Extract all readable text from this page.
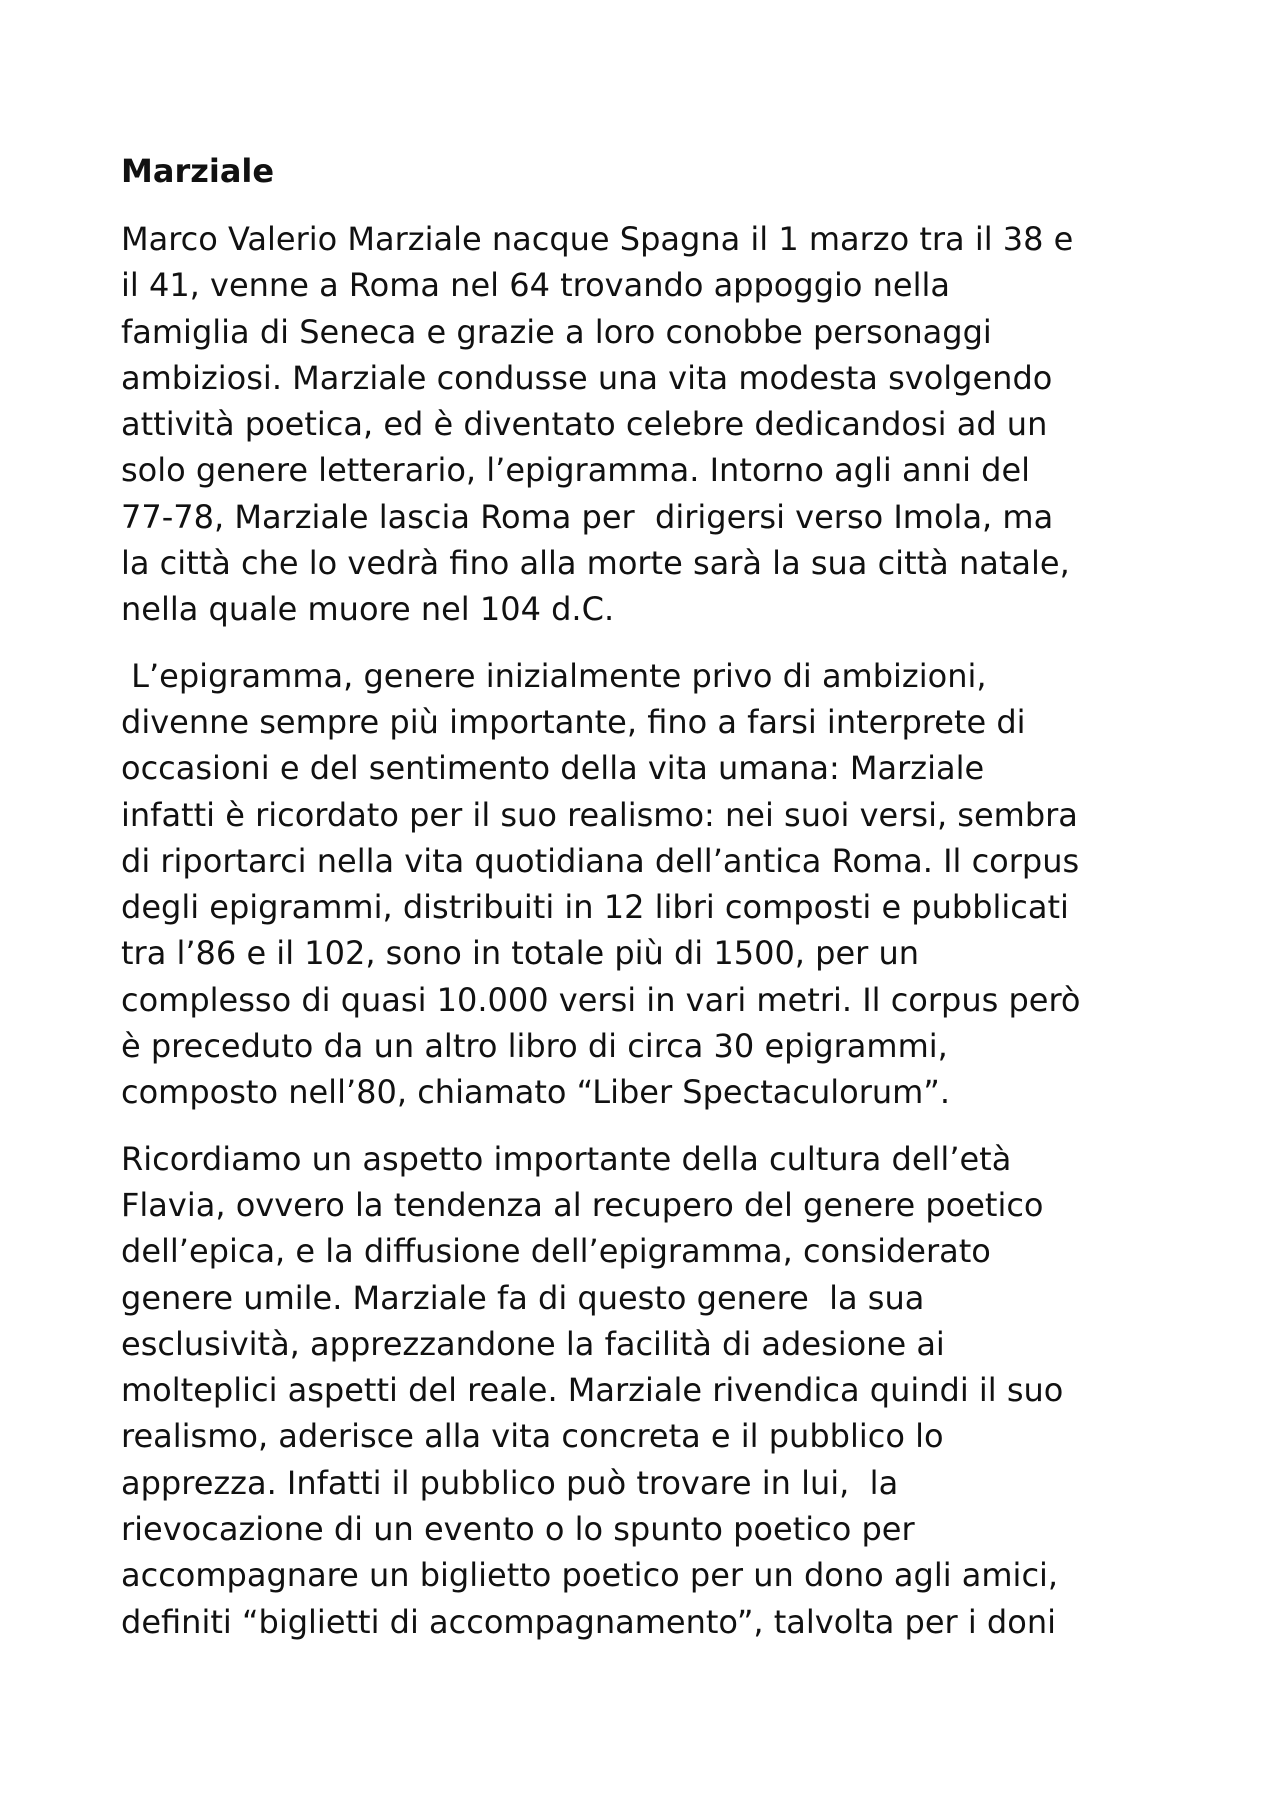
Marziale
Marco Valerio Marziale nacque Spagna il 1 marzo tra il 38 e
il 41, venne a Roma nel 64 trovando appoggio nella
famiglia di Seneca e grazie a loro conobbe personaggi
ambiziosi. Marziale condusse una vita modesta svolgendo
attività poetica, ed è diventato celebre dedicandosi ad un
solo genere letterario, l’epigramma. Intorno agli anni del
77-78, Marziale lascia Roma per  dirigersi verso Imola, ma
la città che lo vedrà fino alla morte sarà la sua città natale,
nella quale muore nel 104 d.C.
L’epigramma, genere inizialmente privo di ambizioni,
divenne sempre più importante, fino a farsi interprete di
occasioni e del sentimento della vita umana: Marziale
infatti è ricordato per il suo realismo: nei suoi versi, sembra
di riportarci nella vita quotidiana dell’antica Roma. Il corpus
degli epigrammi, distribuiti in 12 libri composti e pubblicati
tra l’86 e il 102, sono in totale più di 1500, per un
complesso di quasi 10.000 versi in vari metri. Il corpus però
è preceduto da un altro libro di circa 30 epigrammi,
composto nell’80, chiamato “Liber Spectaculorum”.
Ricordiamo un aspetto importante della cultura dell’età
Flavia, ovvero la tendenza al recupero del genere poetico
dell’epica, e la diffusione dell’epigramma, considerato
genere umile. Marziale fa di questo genere  la sua
esclusività, apprezzandone la facilità di adesione ai
molteplici aspetti del reale. Marziale rivendica quindi il suo
realismo, aderisce alla vita concreta e il pubblico lo
apprezza. Infatti il pubblico può trovare in lui,  la
rievocazione di un evento o lo spunto poetico per
accompagnare un biglietto poetico per un dono agli amici,
definiti “biglietti di accompagnamento”, talvolta per i doni
